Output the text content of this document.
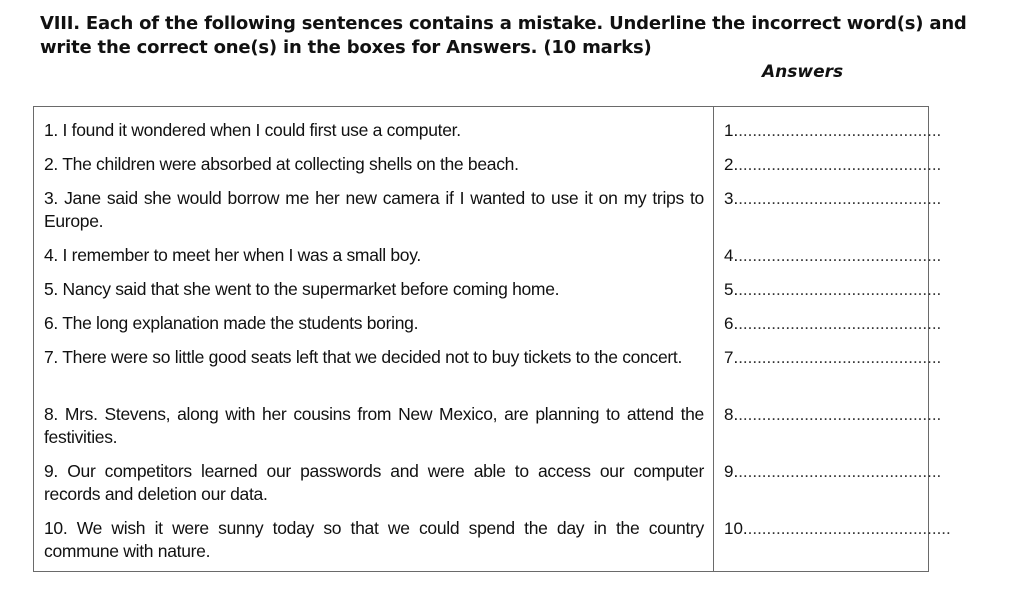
VIII. Each of the following sentences contains a mistake. Underline the incorrect word(s) and write the correct one(s) in the boxes for Answers. (10 marks)
Answers
1. I found it wondered when I could first use a computer.	1............................................
2. The children were absorbed at collecting shells on the beach.	2............................................
3. Jane said she would borrow me her new camera if I wanted to use it on my trips to Europe.
3............................................
4. I remember to meet her when I was a small boy.	4............................................
5. Nancy said that she went to the supermarket before coming home.	5............................................
6. The long explanation made the students boring.	6............................................
7. There were so little good seats left that we decided not to buy tickets to the concert.	7............................................
8. Mrs. Stevens, along with her cousins from New Mexico, are planning to attend the festivities.
8............................................
9. Our competitors learned our passwords and were able to access our computer records and deletion our data.
9............................................
10. We wish it were sunny today so that we could spend the day in the country commune with nature.
10............................................
